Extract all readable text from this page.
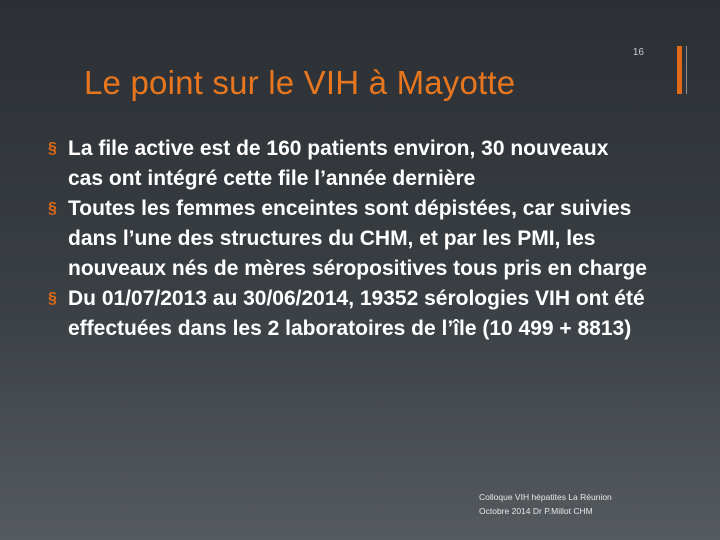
16
Le point sur le VIH à Mayotte
§ La file active est de 160 patients environ, 30 nouveaux cas ont intégré cette file l’année dernière
§ Toutes les femmes enceintes sont dépistées, car suivies dans l’une des structures du CHM, et par les PMI, les nouveaux nés de mères séropositives tous pris en charge
§ Du 01/07/2013 au 30/06/2014, 19352 sérologies VIH ont été effectuées dans les 2 laboratoires de l’île (10 499 + 8813)
Colloque VIH hépatites La Réunion
Octobre 2014 Dr P.Millot CHM
